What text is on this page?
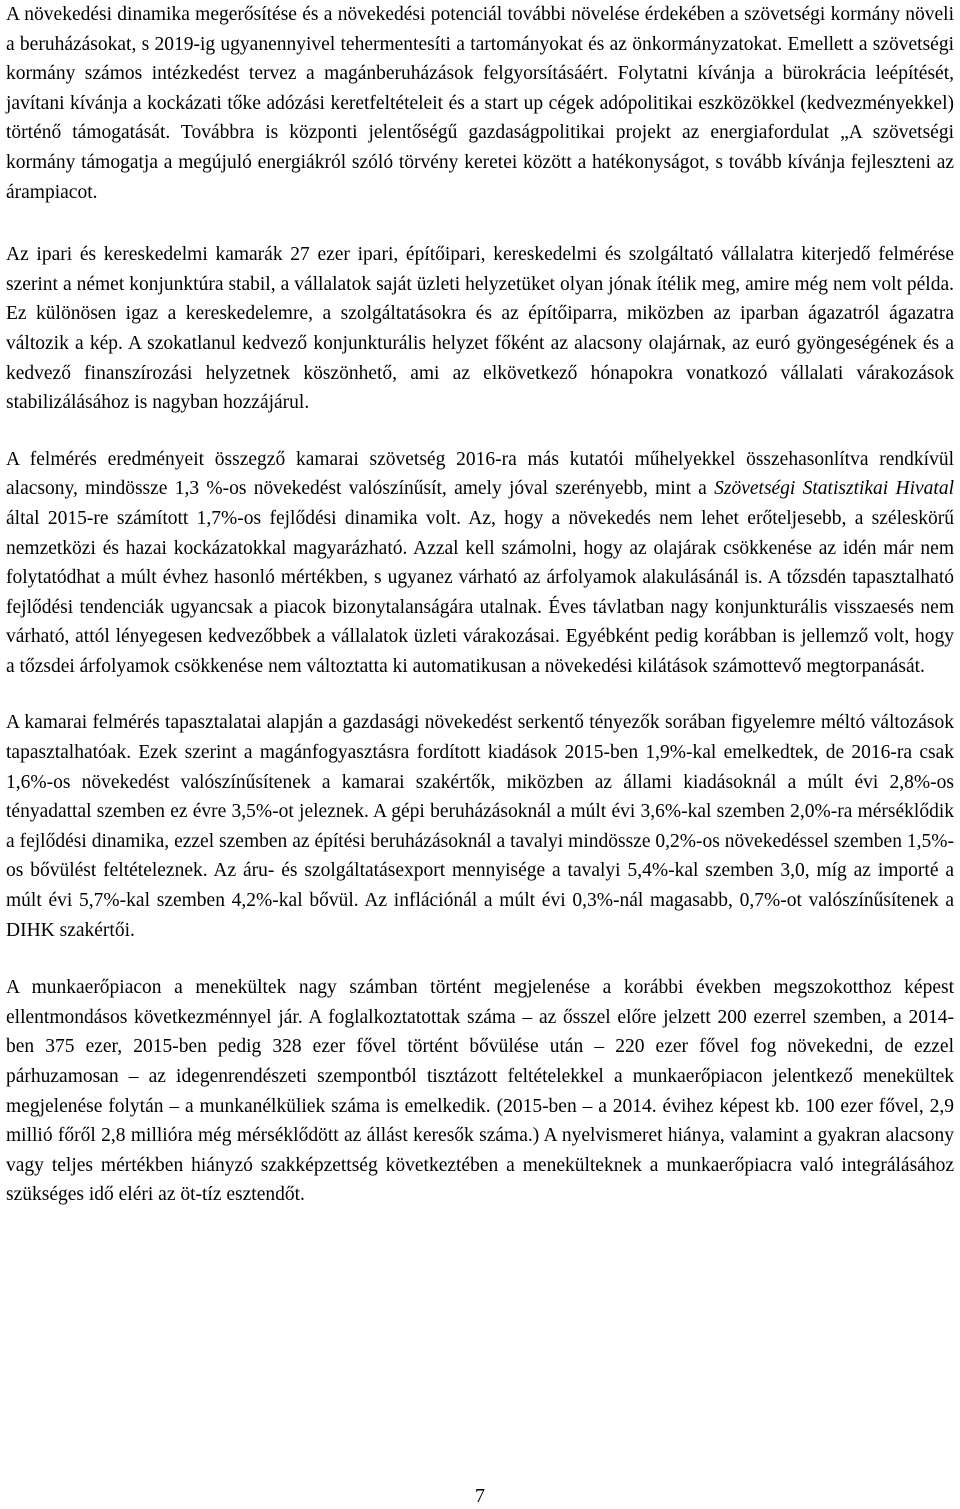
A növekedési dinamika megerősítése és a növekedési potenciál további növelése érdekében a szövetségi kormány növeli a beruházásokat, s 2019-ig ugyanennyivel tehermentesíti a tartományokat és az önkormányzatokat. Emellett a szövetségi kormány számos intézkedést tervez a magánberuházások felgyorsításáért. Folytatni kívánja a bürokrácia leépítését, javítani kívánja a kockázati tőke adózási keretfeltételeit és a start up cégek adópolitikai eszközökkel (kedvezményekkel) történő támogatását. Továbbra is központi jelentőségű gazdaságpolitikai projekt az energiafordulat „A szövetségi kormány támogatja a megújuló energiákról szóló törvény keretei között a hatékonyságot, s tovább kívánja fejleszteni az árampiacot.

Az ipari és kereskedelmi kamarák 27 ezer ipari, építőipari, kereskedelmi és szolgáltató vállalatra kiterjedő felmérése szerint a német konjunktúra stabil, a vállalatok saját üzleti helyzetüket olyan jónak ítélik meg, amire még nem volt példa. Ez különösen igaz a kereskedelemre, a szolgáltatásokra és az építőiparra, miközben az iparban ágazatról ágazatra változik a kép. A szokatlanul kedvező konjunkturális helyzet főként az alacsony olajárnak, az euró gyöngeségének és a kedvező finanszírozási helyzetnek köszönhető, ami az elkövetkező hónapokra vonatkozó vállalati várakozások stabilizálásához is nagyban hozzájárul.

A felmérés eredményeit összegző kamarai szövetség 2016-ra más kutatói műhelyekkel összehasonlítva rendkívül alacsony, mindössze 1,3 %-os növekedést valószínűsít, amely jóval szerényebb, mint a Szövetségi Statisztikai Hivatal által 2015-re számított 1,7%-os fejlődési dinamika volt. Az, hogy a növekedés nem lehet erőteljesebb, a széleskörű nemzetközi és hazai kockázatokkal magyarázható. Azzal kell számolni, hogy az olajárak csökkenése az idén már nem folytatódhat a múlt évhez hasonló mértékben, s ugyanez várható az árfolyamok alakulásánál is. A tőzsdén tapasztalható fejlődési tendenciák ugyancsak a piacok bizonytalanságára utalnak. Éves távlatban nagy konjunkturális visszaesés nem várható, attól lényegesen kedvezőbbek a vállalatok üzleti várakozásai. Egyébként pedig korábban is jellemző volt, hogy a tőzsdei árfolyamok csökkenése nem változtatta ki automatikusan a növekedési kilátások számottevő megtorpanását.

A kamarai felmérés tapasztalatai alapján a gazdasági növekedést serkentő tényezők sorában figyelemre méltó változások tapasztalhatóak. Ezek szerint a magánfogyasztásra fordított kiadások 2015-ben 1,9%-kal emelkedtek, de 2016-ra csak 1,6%-os növekedést valószínűsítenek a kamarai szakértők, miközben az állami kiadásoknál a múlt évi 2,8%-os tényadattal szemben ez évre 3,5%-ot jeleznek. A gépi beruházásoknál a múlt évi 3,6%-kal szemben 2,0%-ra mérséklődik a fejlődési dinamika, ezzel szemben az építési beruházásoknál a tavalyi mindössze 0,2%-os növekedéssel szemben 1,5%-os bővülést feltételeznek. Az áru- és szolgáltatásexport mennyisége a tavalyi 5,4%-kal szemben 3,0, míg az importé a múlt évi 5,7%-kal szemben 4,2%-kal bővül. Az inflációnál a múlt évi 0,3%-nál magasabb, 0,7%-ot valószínűsítenek a DIHK szakértői.

A munkaerőpiacon a menekültek nagy számban történt megjelenése a korábbi években megszokotthoz képest ellentmondásos következménnyel jár. A foglalkoztatottak száma – az ősszel előre jelzett 200 ezerrel szemben, a 2014-ben 375 ezer, 2015-ben pedig 328 ezer fővel történt bővülése után – 220 ezer fővel fog növekedni, de ezzel párhuzamosan – az idegenrendészeti szempontból tisztázott feltételekkel a munkaerőpiacon jelentkező menekültek megjelenése folytán – a munkanélküliek száma is emelkedik. (2015-ben – a 2014. évihez képest kb. 100 ezer fővel, 2,9 millió főről 2,8 millióra még mérséklődött az állást keresők száma.) A nyelvismeret hiánya, valamint a gyakran alacsony vagy teljes mértékben hiányzó szakképzettség következtében a menekülteknek a munkaerőpiacra való integrálásához szükséges idő eléri az öt-tíz esztendőt.

7
